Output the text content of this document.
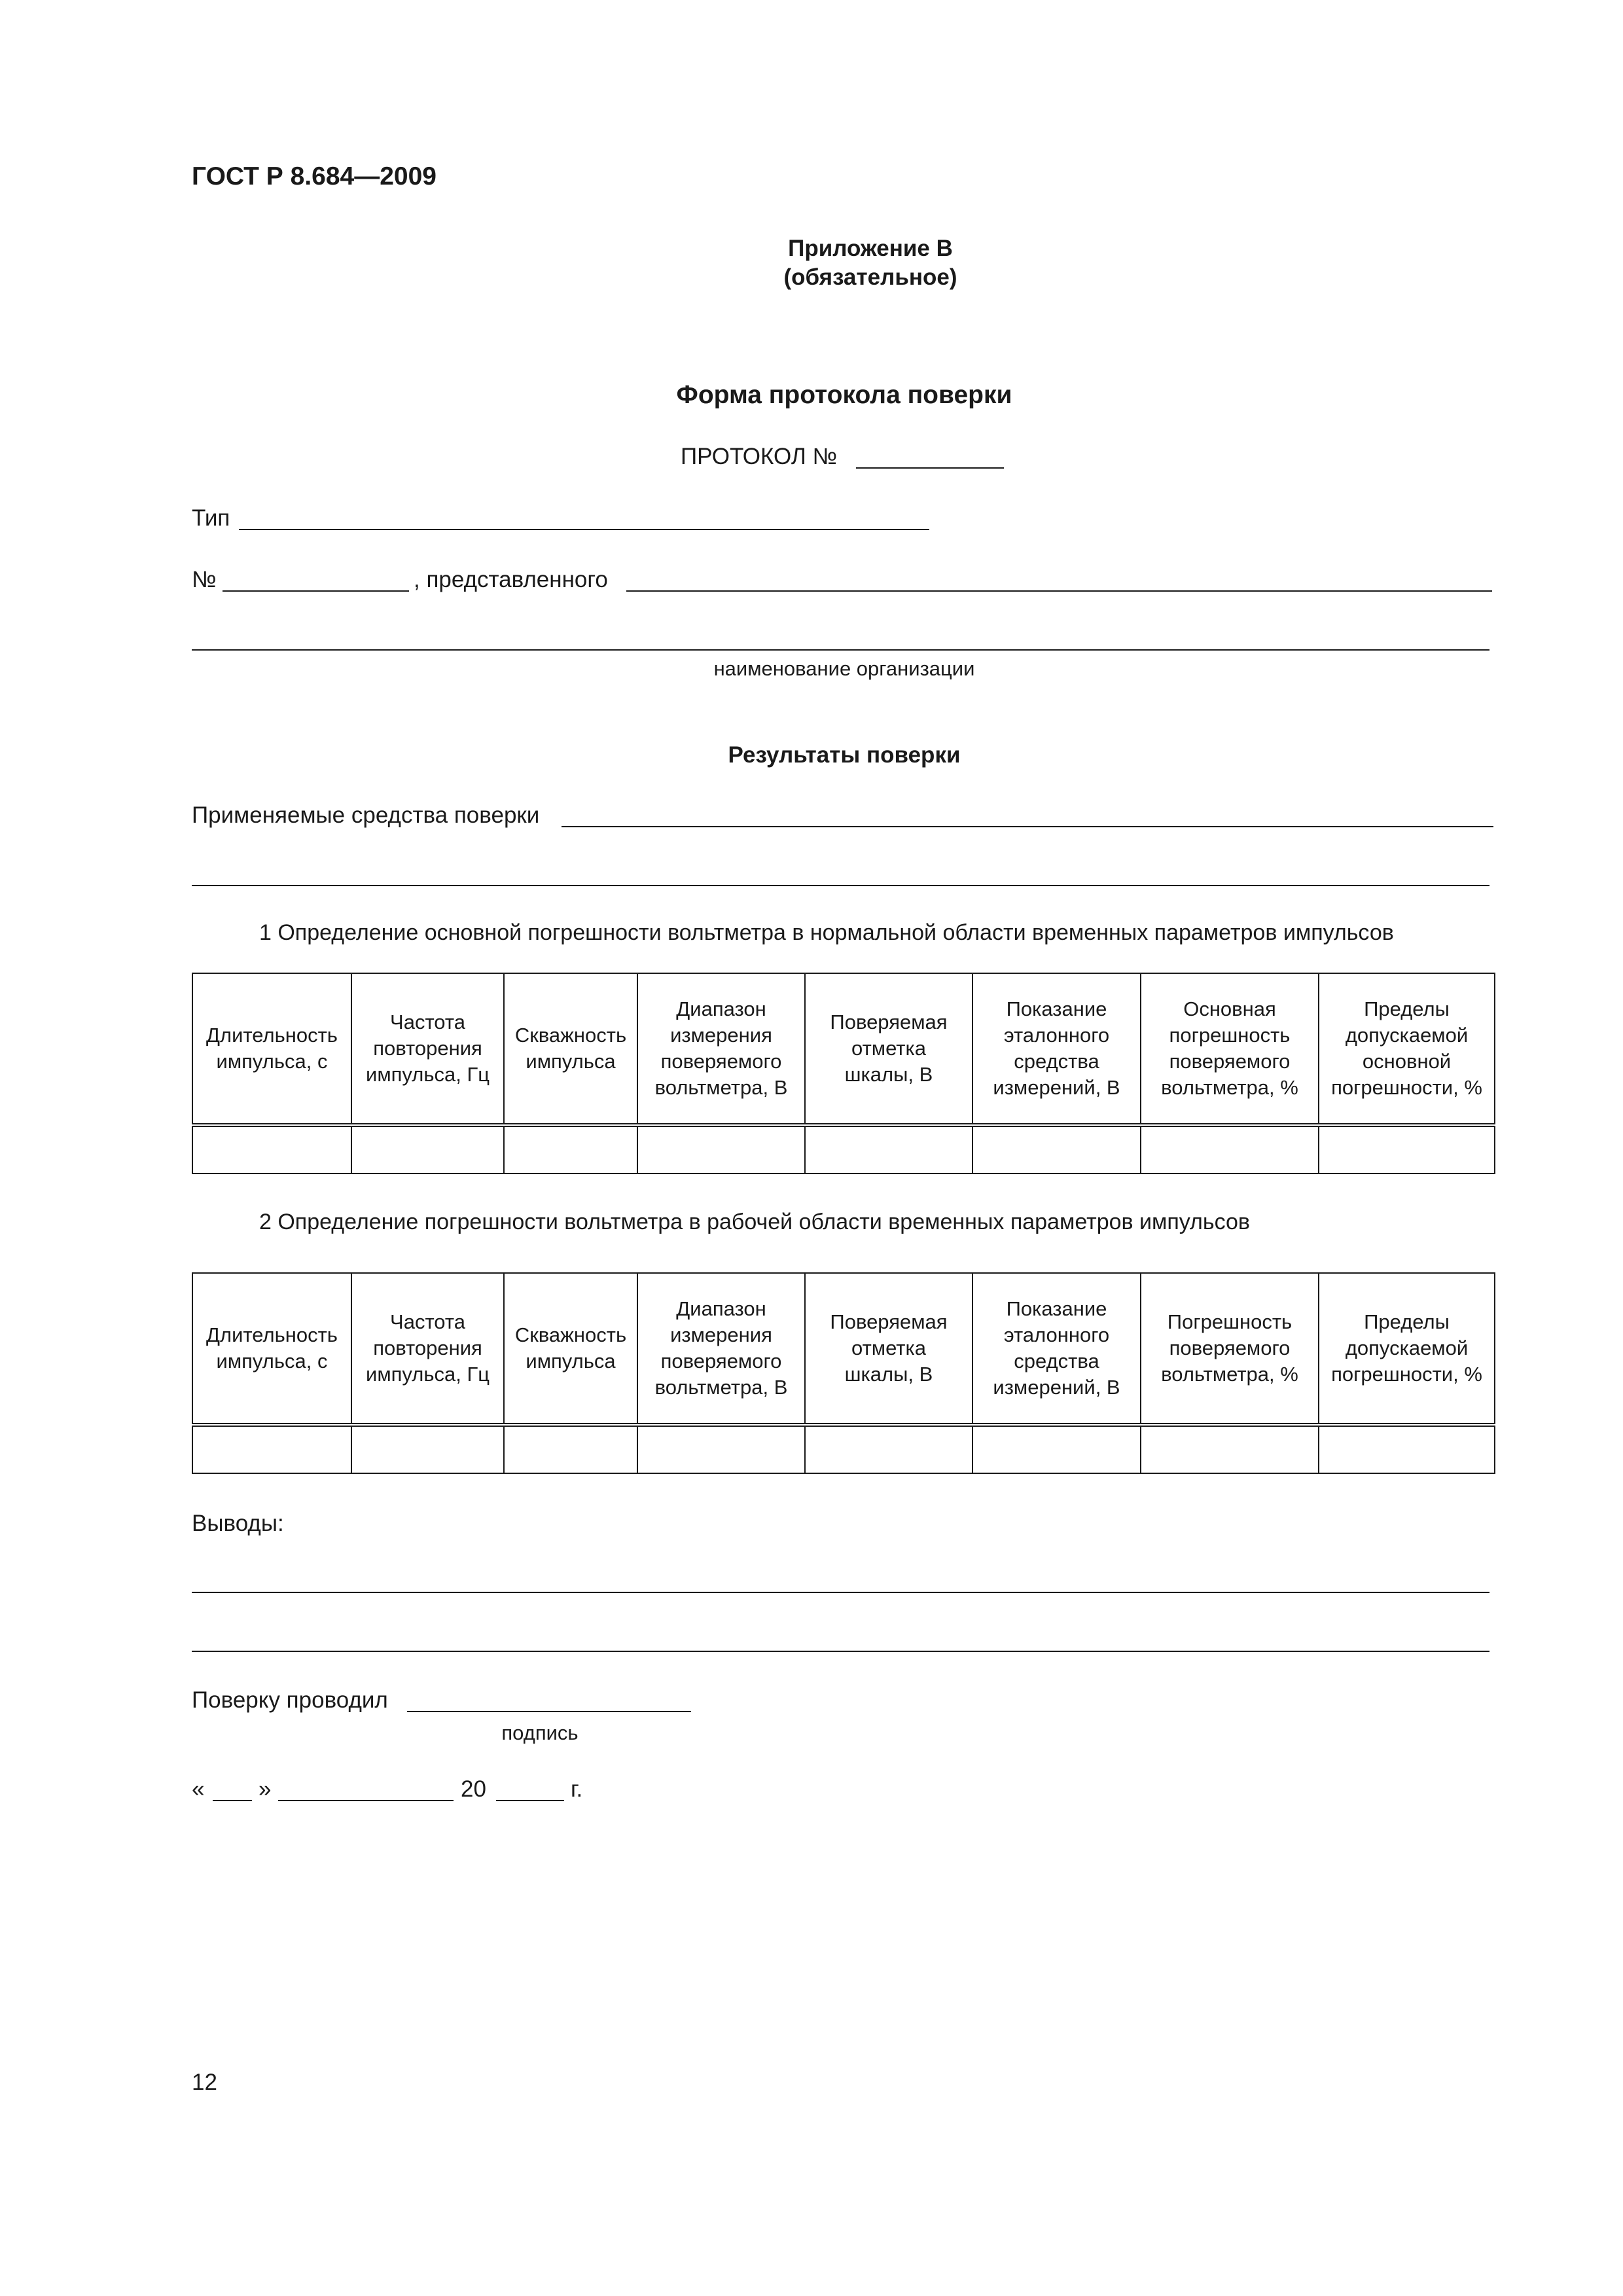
ГОСТ Р 8.684—2009
Приложение В
(обязательное)
Форма протокола поверки
ПРОТОКОЛ №
Тип
№	, представленного
наименование организации
Результаты поверки
Применяемые средства поверки
1 Определение основной погрешности вольтметра в нормальной области временных параметров импульсов
Длительность
импульса, с	Частота
повторения
импульса, Гц	Скважность
импульса	Диапазон
измерения
поверяемого
вольтметра, В	Поверяемая
отметка
шкалы, В	Показание
эталонного
средства
измерений, В	Основная
погрешность
поверяемого
вольтметра, %	Пределы
допускаемой
основной
погрешности, %

2 Определение погрешности вольтметра в рабочей области временных параметров импульсов
Длительность
импульса, с	Частота
повторения
импульса, Гц	Скважность
импульса	Диапазон
измерения
поверяемого
вольтметра, В	Поверяемая
отметка
шкалы, В	Показание
эталонного
средства
измерений, В	Погрешность
поверяемого
вольтметра, %	Пределы
допускаемой
погрешности, %

Выводы:
Поверку проводил
подпись
« »	20	г.
12
